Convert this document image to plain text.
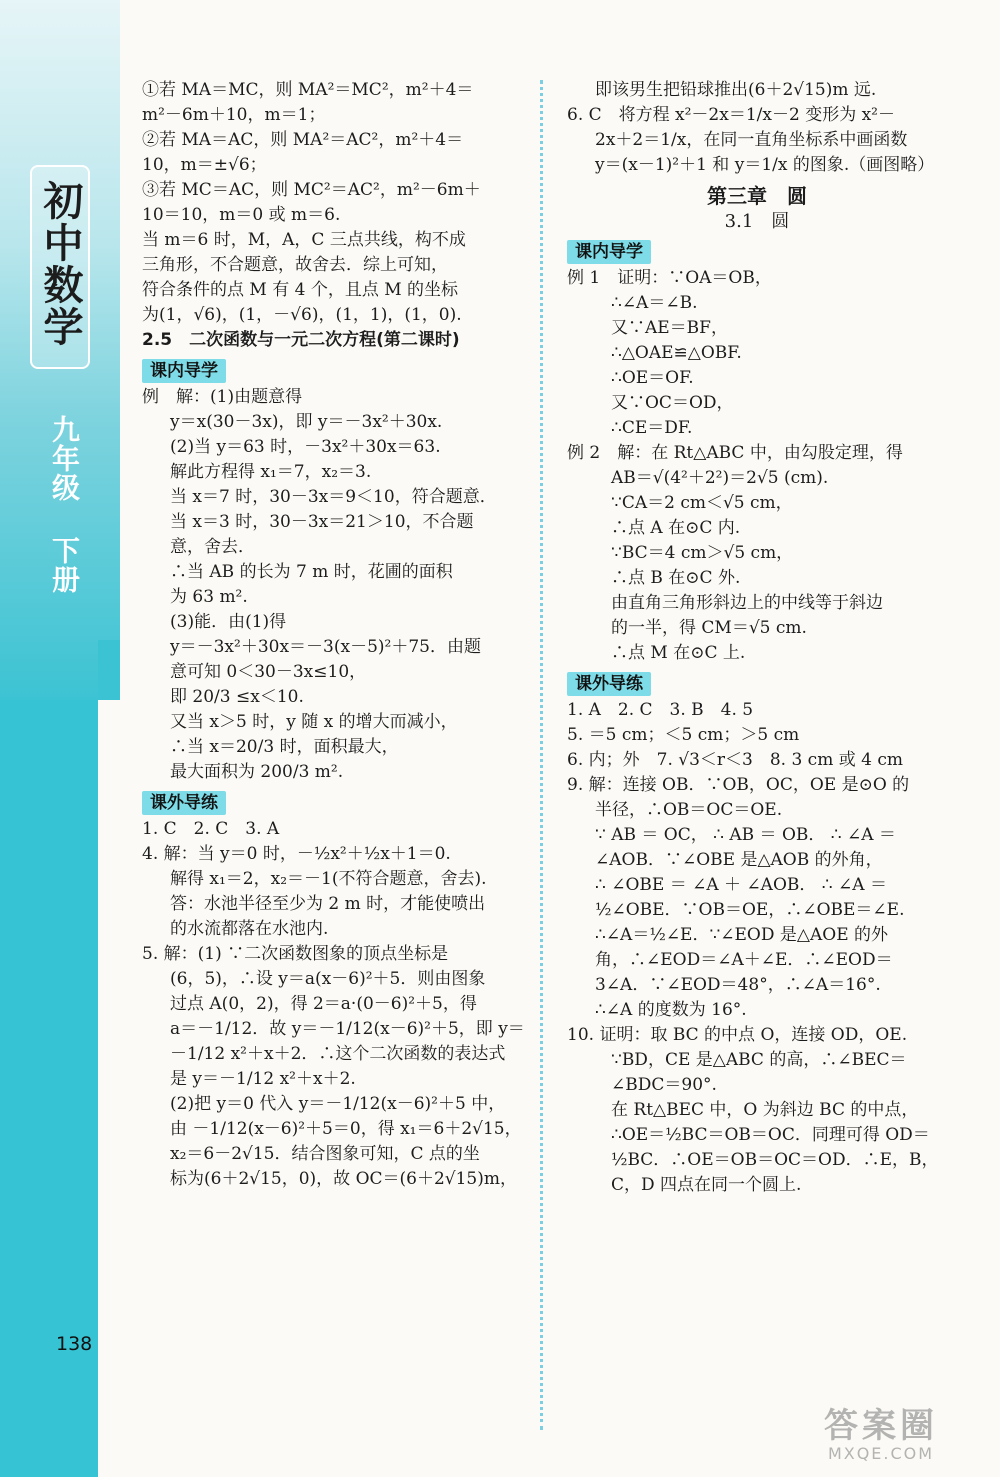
初中数学
九年级 下册
138

①若 MA＝MC，则 MA²＝MC²，m²＋4＝

m²－6m＋10，m＝1；

②若 MA＝AC，则 MA²＝AC²，m²＋4＝

10，m＝±√6；

③若 MC＝AC，则 MC²＝AC²，m²－6m＋

10＝10，m＝0 或 m＝6.

当 m＝6 时，M，A，C 三点共线，构不成

三角形，不合题意，故舍去．综上可知，

符合条件的点 M 有 4 个，且点 M 的坐标

为(1，√6)，(1，－√6)，(1，1)，(1，0).

2.5　二次函数与一元二次方程(第二课时)

课内导学

例　解：(1)由题意得

y＝x(30－3x)，即 y＝－3x²＋30x.

(2)当 y＝63 时，－3x²＋30x＝63.

解此方程得 x₁＝7，x₂＝3.

当 x＝7 时，30－3x＝9＜10，符合题意．

当 x＝3 时，30－3x＝21＞10，不合题

意，舍去．

∴当 AB 的长为 7 m 时，花圃的面积

为 63 m².

(3)能．由(1)得

y＝－3x²＋30x＝－3(x－5)²＋75．由题

意可知 0＜30－3x≤10，

即 20/3 ≤x＜10.

又当 x＞5 时，y 随 x 的增大而减小，

∴当 x＝20/3 时，面积最大，

最大面积为 200/3 m².

课外导练

1. C　2. C　3. A

4. 解：当 y＝0 时，－½x²＋½x＋1＝0.

解得 x₁＝2，x₂＝－1(不符合题意，舍去).

答：水池半径至少为 2 m 时，才能使喷出

的水流都落在水池内.

5. 解：(1) ∵二次函数图象的顶点坐标是

(6，5)，∴设 y＝a(x－6)²＋5．则由图象

过点 A(0，2)，得 2＝a·(0－6)²＋5，得

a＝－1/12．故 y＝－1/12(x－6)²＋5，即 y＝

－1/12 x²＋x＋2．∴这个二次函数的表达式

是 y＝－1/12 x²＋x＋2.

(2)把 y＝0 代入 y＝－1/12(x－6)²＋5 中，

由 －1/12(x－6)²＋5＝0，得 x₁＝6＋2√15，

x₂＝6－2√15．结合图象可知，C 点的坐

标为(6＋2√15，0)，故 OC＝(6＋2√15)m，

即该男生把铅球推出(6＋2√15)m 远.

6. C　将方程 x²－2x＝1/x－2 变形为 x²－

2x＋2＝1/x，在同一直角坐标系中画函数

y＝(x－1)²＋1 和 y＝1/x 的图象.（画图略）

第三章　圆

3.1　圆

课内导学

例 1　证明：∵OA＝OB，

∴∠A＝∠B.

又∵AE＝BF，

∴△OAE≌△OBF.

∴OE＝OF.

又∵OC＝OD，

∴CE＝DF.

例 2　解：在 Rt△ABC 中，由勾股定理，得

AB＝√(4²＋2²)＝2√5 (cm).

∵CA＝2 cm＜√5 cm，

∴点 A 在⊙C 内.

∵BC＝4 cm＞√5 cm，

∴点 B 在⊙C 外.

由直角三角形斜边上的中线等于斜边

的一半，得 CM＝√5 cm.

∴点 M 在⊙C 上.

课外导练

1. A　2. C　3. B　4. 5

5. ＝5 cm；＜5 cm；＞5 cm

6. 内；外　7. √3＜r＜3　8. 3 cm 或 4 cm

9. 解：连接 OB．∵OB，OC，OE 是⊙O 的

半径，∴OB＝OC＝OE.

∵ AB ＝ OC， ∴ AB ＝ OB． ∴ ∠A ＝

∠AOB．∵∠OBE 是△AOB 的外角，

∴ ∠OBE ＝ ∠A ＋ ∠AOB． ∴ ∠A ＝

½∠OBE．∵OB＝OE，∴∠OBE＝∠E.

∴∠A＝½∠E．∵∠EOD 是△AOE 的外

角，∴∠EOD＝∠A＋∠E．∴∠EOD＝

3∠A．∵∠EOD＝48°，∴∠A＝16°.

∴∠A 的度数为 16°.

10. 证明：取 BC 的中点 O，连接 OD，OE.

∵BD，CE 是△ABC 的高，∴∠BEC＝

∠BDC＝90°.

在 Rt△BEC 中，O 为斜边 BC 的中点，

∴OE＝½BC＝OB＝OC．同理可得 OD＝

½BC．∴OE＝OB＝OC＝OD．∴E，B，

C，D 四点在同一个圆上.

答案圈
MXQE.COM
